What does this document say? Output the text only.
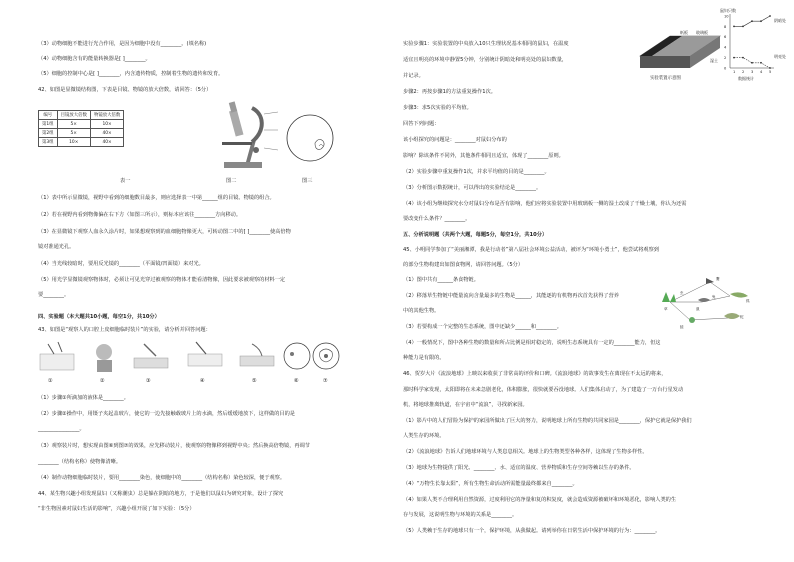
（3）动物细胞不能进行光合作用，是因为细胞中没有________。(填名称)
（4）动物细胞含有的能量转换器是[ ]________。
（5）细胞的控制中心是[ ]________，内含遗传物质，控制着生物的遗传和发育。
42、如图是显微镜结构图，下表是目镜、物镜的放大倍数，请回答：（5分）
编号	目镜放大倍数	物镜放大倍数
第1组	5×	10×
第2组	5×	40×
第3组	10×	40×
表一	图二	图三
（1）表中所示显微镜，视野中看到的细胞数目最多，则应选择表一中第______组的目镜、物镜的组合。
（2）若在视野内看到物像偏在右下方（如图三所示），则标本应该往________方向移动。
（3）在显微镜下观察人血永久涂片时，如果想观察到的血细胞物像更大，可转动图二中的[ ]________使高倍物
镜对准通光孔。
（4）当光线较暗时，要用反光镜的________（平面镜/凹面镜）来对光。
（5）用光学显微镜观察物体时，必须让可见光穿过被观察的物体才能看清物像，因此要求被观察的材料一定
要________。
四、实验题（本大题共10小题，每空1分，共10分）
43、如图是“观察人的口腔上皮细胞临时装片”的实验，请分析并回答问题：
①	②	③	④	⑤	⑥	⑦
（1）步骤①所滴加的液体是________。
（2）步骤②操作中，用镊子夹起盖玻片，使它的一边先接触载玻片上的水滴，然后缓缓地放下，这样做的目的是
________________。
（3）观察装片时，想实现由图⑥到图⑦的效果，应先移动装片，使观察的物像移到视野中央；然后换高倍物镜，再调节
________（结构名称）使物像清晰。
（4）制作动物细胞临时装片，要用________染色，使细胞中的________（结构名称）染色较深，便于观察。
44、某生物兴趣小组发现鼠妇（又称潮虫）总是躲在阴暗的地方，于是他们以鼠妇为研究对象，设计了探究
“非生物因素对鼠妇生活的影响”，兴趣小组开展了如下实验：（5分）
实验步骤1：实验装置的中央放入10只生理状况基本相同的鼠妇，在温度
适宜且明亮的环境中静置5分钟，分别统计阴暗处和明亮处的鼠妇数量，
并记录。
步骤2：再按步骤1的方法重复操作1次。
步骤3：求5次实验的平均值。
回答下列问题：
该小组探究的问题是：________对鼠妇分布的
影响？除该条件不同外，其他条件相同且适宜，体现了________原则。
（2）实验步骤中重复操作1次，并求平均值的目的是________。
（3）分析图示数据统计，可以得出的实验结论是________。
（4）该小组为继续探究水分对鼠妇分布是否有影响，他们应将实验装置中用玻璃板一侧的湿土改成了干燥土壤，你认为还需
要改变什么条件？________。
五、分析说明题（共两个大题，每题5分，每空1分，共10分）
45、小明同学参加了“美丽湘潭，我是行动者”第八届社会环境公益活动，被评为“环境小勇士”，他尝试将观察到
的部分生物构建出如图食物网，请回答问题。（5分）
（1）图中共有______条食物链。
（2）移落草生物链中能量流向含量最多的生物是______，其能逐的有机物再次首先获得了营养
中的其他生物。
（3）若要构成一个完整的生态系统，图中还缺少______和________。
（4）一般情况下，图中各种生物的数量和所占比例是相对稳定的，说明生态系统具有一定的________能力，但这
种能力是有限的。
46、贺岁大片《流浪地球》上映以来收获了非常高的评价和口碑。《流浪地球》的故事发生在离现在不太远的将来，
那时科学家发现，太阳即将在未来急剧老化，体积膨胀，很快就要吞没地球。人们集体启动了，为了建造了一万台行星发动
机，将地球推离轨道，在宇宙中“流浪”，寻找新家园。
（1）影片中的人们冒险为保护的家园所做出了巨大的努力，说明地球上所有生物的共同家园是________，保护它就是保护我们
人类生存的环境。
（2）《流浪地球》告诉人们地球环境与人类息息相关。地球上的生物类型各种各样，这体现了生物多样性。
（3）地球为生物提供了阳光、________、水、适宜的温度、营养物质和生存空间等赖以生存的条件。
（4）“万物生长靠太阳”，所有生物生命活动所需能量最终都来自________。
（4）如果人类不合理利用自然资源，过度利用它的净量和复的积复度，就会造成资源被破坏和环境恶化，影响人类的生
存与发展，这说明生物与环境的关系是________。
（5）人类赖于生存的地球只有一个，保护环境，从我做起。请列举你在日常生活中保护环境的行为：________。
纸板 玻璃板
湿土
实验装置示意图
鼠妇只数
10
8
6
4
2
0
1 2 3 4 5
阴暗处
明亮处
数据统计
草
鹰
蛇
鼠
狐
蛙
虫
兔
